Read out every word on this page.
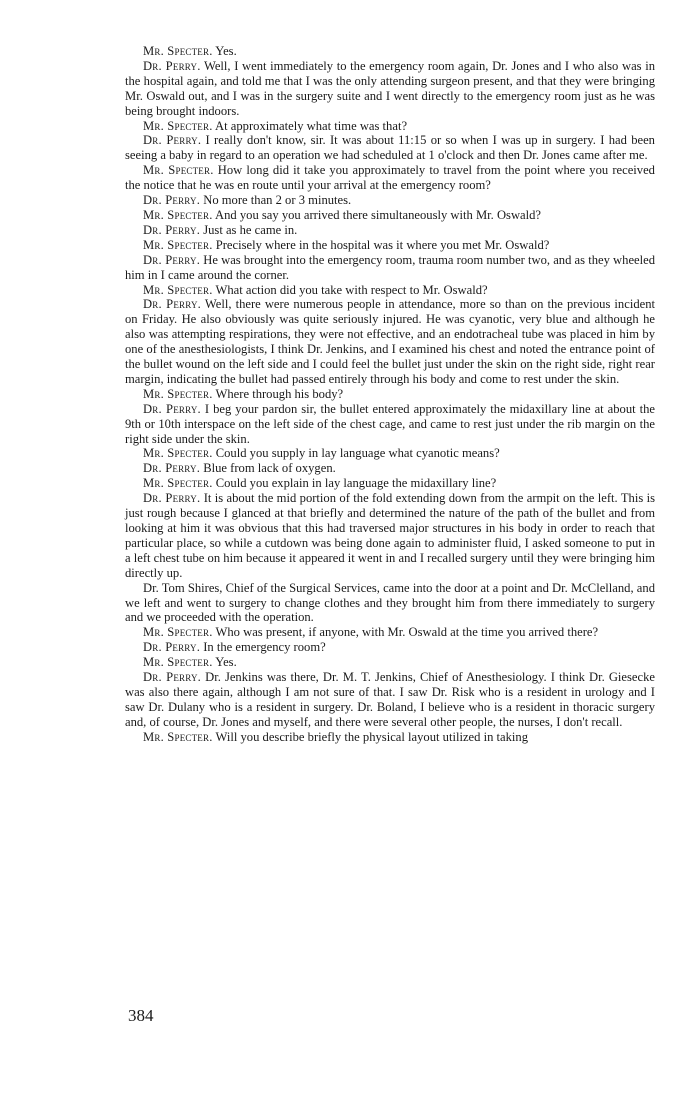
Mr. Specter. Yes.

Dr. Perry. Well, I went immediately to the emergency room again, Dr. Jones and I who also was in the hospital again, and told me that I was the only attending surgeon present, and that they were bringing Mr. Oswald out, and I was in the surgery suite and I went directly to the emergency room just as he was being brought indoors.

Mr. Specter. At approximately what time was that?

Dr. Perry. I really don't know, sir. It was about 11:15 or so when I was up in surgery. I had been seeing a baby in regard to an operation we had scheduled at 1 o'clock and then Dr. Jones came after me.

Mr. Specter. How long did it take you approximately to travel from the point where you received the notice that he was en route until your arrival at the emergency room?

Dr. Perry. No more than 2 or 3 minutes.

Mr. Specter. And you say you arrived there simultaneously with Mr. Oswald?

Dr. Perry. Just as he came in.

Mr. Specter. Precisely where in the hospital was it where you met Mr. Oswald?

Dr. Perry. He was brought into the emergency room, trauma room number two, and as they wheeled him in I came around the corner.

Mr. Specter. What action did you take with respect to Mr. Oswald?

Dr. Perry. Well, there were numerous people in attendance, more so than on the previous incident on Friday. He also obviously was quite seriously injured. He was cyanotic, very blue and although he also was attempting respirations, they were not effective, and an endotracheal tube was placed in him by one of the anesthesiologists, I think Dr. Jenkins, and I examined his chest and noted the entrance point of the bullet wound on the left side and I could feel the bullet just under the skin on the right side, right rear margin, indicating the bullet had passed entirely through his body and come to rest under the skin.

Mr. Specter. Where through his body?

Dr. Perry. I beg your pardon sir, the bullet entered approximately the midaxillary line at about the 9th or 10th interspace on the left side of the chest cage, and came to rest just under the rib margin on the right side under the skin.

Mr. Specter. Could you supply in lay language what cyanotic means?

Dr. Perry. Blue from lack of oxygen.

Mr. Specter. Could you explain in lay language the midaxillary line?

Dr. Perry. It is about the mid portion of the fold extending down from the armpit on the left. This is just rough because I glanced at that briefly and determined the nature of the path of the bullet and from looking at him it was obvious that this had traversed major structures in his body in order to reach that particular place, so while a cutdown was being done again to administer fluid, I asked someone to put in a left chest tube on him because it appeared it went in and I recalled surgery until they were bringing him directly up.

Dr. Tom Shires, Chief of the Surgical Services, came into the door at a point and Dr. McClelland, and we left and went to surgery to change clothes and they brought him from there immediately to surgery and we proceeded with the operation.

Mr. Specter. Who was present, if anyone, with Mr. Oswald at the time you arrived there?

Dr. Perry. In the emergency room?

Mr. Specter. Yes.

Dr. Perry. Dr. Jenkins was there, Dr. M. T. Jenkins, Chief of Anesthesiology. I think Dr. Giesecke was also there again, although I am not sure of that. I saw Dr. Risk who is a resident in urology and I saw Dr. Dulany who is a resident in surgery. Dr. Boland, I believe who is a resident in thoracic surgery and, of course, Dr. Jones and myself, and there were several other people, the nurses, I don't recall.

Mr. Specter. Will you describe briefly the physical layout utilized in taking

384
